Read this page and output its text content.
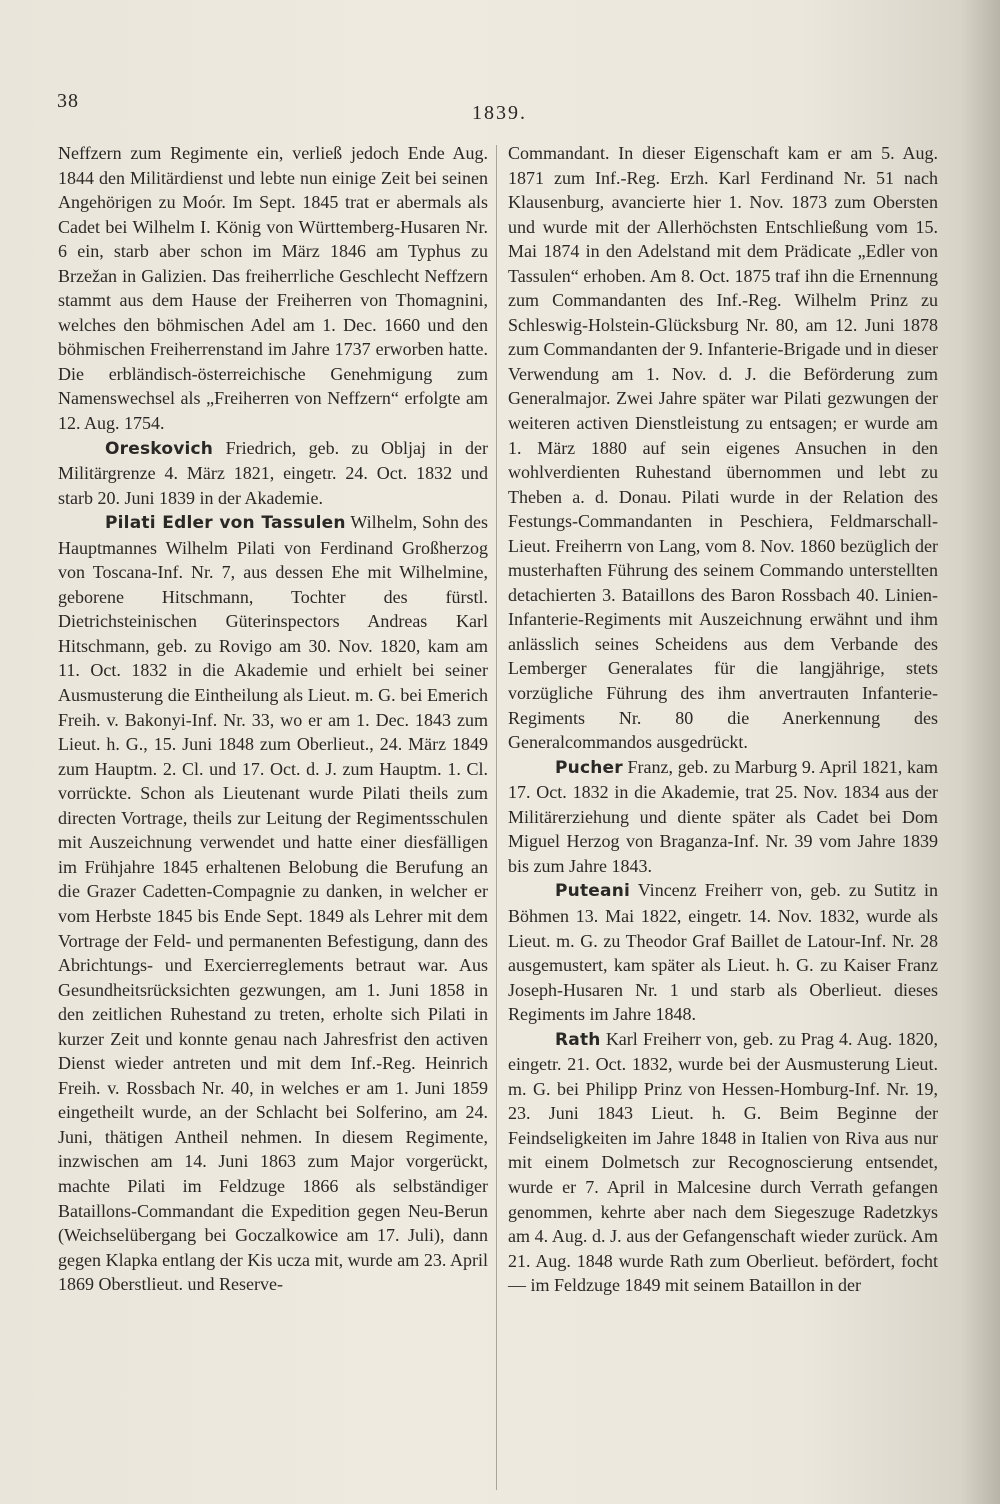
38
1839.

Neffzern zum Regimente ein, verließ jedoch Ende Aug. 1844 den Militärdienst und lebte nun einige Zeit bei seinen Angehörigen zu Moór. Im Sept. 1845 trat er abermals als Cadet bei Wilhelm I. König von Württemberg-Husaren Nr. 6 ein, starb aber schon im März 1846 am Typhus zu Brzežan in Galizien. Das freiherrliche Geschlecht Neffzern stammt aus dem Hause der Freiherren von Thomagnini, welches den böhmischen Adel am 1. Dec. 1660 und den böhmischen Freiherrenstand im Jahre 1737 erworben hatte. Die erbländisch-österreichische Genehmigung zum Namenswechsel als „Freiherren von Neffzern“ erfolgte am 12. Aug. 1754.

Oreskovich Friedrich, geb. zu Obljaj in der Militärgrenze 4. März 1821, eingetr. 24. Oct. 1832 und starb 20. Juni 1839 in der Akademie.

Pilati Edler von Tassulen Wilhelm, Sohn des Hauptmannes Wilhelm Pilati von Ferdinand Großherzog von Toscana-Inf. Nr. 7, aus dessen Ehe mit Wilhelmine, geborene Hitschmann, Tochter des fürstl. Dietrichsteinischen Güterinspectors Andreas Karl Hitschmann, geb. zu Rovigo am 30. Nov. 1820, kam am 11. Oct. 1832 in die Akademie und erhielt bei seiner Ausmusterung die Eintheilung als Lieut. m. G. bei Emerich Freih. v. Bakonyi-Inf. Nr. 33, wo er am 1. Dec. 1843 zum Lieut. h. G., 15. Juni 1848 zum Oberlieut., 24. März 1849 zum Hauptm. 2. Cl. und 17. Oct. d. J. zum Hauptm. 1. Cl. vorrückte. Schon als Lieutenant wurde Pilati theils zum directen Vortrage, theils zur Leitung der Regimentsschulen mit Auszeichnung verwendet und hatte einer diesfälligen im Frühjahre 1845 erhaltenen Belobung die Berufung an die Grazer Cadetten-Compagnie zu danken, in welcher er vom Herbste 1845 bis Ende Sept. 1849 als Lehrer mit dem Vortrage der Feld- und permanenten Befestigung, dann des Abrichtungs- und Exercierreglements betraut war. Aus Gesundheitsrücksichten gezwungen, am 1. Juni 1858 in den zeitlichen Ruhestand zu treten, erholte sich Pilati in kurzer Zeit und konnte genau nach Jahresfrist den activen Dienst wieder antreten und mit dem Inf.-Reg. Heinrich Freih. v. Rossbach Nr. 40, in welches er am 1. Juni 1859 eingetheilt wurde, an der Schlacht bei Solferino, am 24. Juni, thätigen Antheil nehmen. In diesem Regimente, inzwischen am 14. Juni 1863 zum Major vorgerückt, machte Pilati im Feldzuge 1866 als selbständiger Bataillons-Commandant die Expedition gegen Neu-Berun (Weichselübergang bei Goczalkowice am 17. Juli), dann gegen Klapka entlang der Kis ucza mit, wurde am 23. April 1869 Oberstlieut. und Reserve-

Commandant. In dieser Eigenschaft kam er am 5. Aug. 1871 zum Inf.-Reg. Erzh. Karl Ferdinand Nr. 51 nach Klausenburg, avancierte hier 1. Nov. 1873 zum Obersten und wurde mit der Allerhöchsten Entschließung vom 15. Mai 1874 in den Adelstand mit dem Prädicate „Edler von Tassulen“ erhoben. Am 8. Oct. 1875 traf ihn die Ernennung zum Commandanten des Inf.-Reg. Wilhelm Prinz zu Schleswig-Holstein-Glücksburg Nr. 80, am 12. Juni 1878 zum Commandanten der 9. Infanterie-Brigade und in dieser Verwendung am 1. Nov. d. J. die Beförderung zum Generalmajor. Zwei Jahre später war Pilati gezwungen der weiteren activen Dienstleistung zu entsagen; er wurde am 1. März 1880 auf sein eigenes Ansuchen in den wohlverdienten Ruhestand übernommen und lebt zu Theben a. d. Donau. Pilati wurde in der Relation des Festungs-Commandanten in Peschiera, Feldmarschall-Lieut. Freiherrn von Lang, vom 8. Nov. 1860 bezüglich der musterhaften Führung des seinem Commando unterstellten detachierten 3. Bataillons des Baron Rossbach 40. Linien-Infanterie-Regiments mit Auszeichnung erwähnt und ihm anlässlich seines Scheidens aus dem Verbande des Lemberger Generalates für die langjährige, stets vorzügliche Führung des ihm anvertrauten Infanterie-Regiments Nr. 80 die Anerkennung des Generalcommandos ausgedrückt.

Pucher Franz, geb. zu Marburg 9. April 1821, kam 17. Oct. 1832 in die Akademie, trat 25. Nov. 1834 aus der Militärerziehung und diente später als Cadet bei Dom Miguel Herzog von Braganza-Inf. Nr. 39 vom Jahre 1839 bis zum Jahre 1843.

Puteani Vincenz Freiherr von, geb. zu Sutitz in Böhmen 13. Mai 1822, eingetr. 14. Nov. 1832, wurde als Lieut. m. G. zu Theodor Graf Baillet de Latour-Inf. Nr. 28 ausgemustert, kam später als Lieut. h. G. zu Kaiser Franz Joseph-Husaren Nr. 1 und starb als Oberlieut. dieses Regiments im Jahre 1848.

Rath Karl Freiherr von, geb. zu Prag 4. Aug. 1820, eingetr. 21. Oct. 1832, wurde bei der Ausmusterung Lieut. m. G. bei Philipp Prinz von Hessen-Homburg-Inf. Nr. 19, 23. Juni 1843 Lieut. h. G. Beim Beginne der Feindseligkeiten im Jahre 1848 in Italien von Riva aus nur mit einem Dolmetsch zur Recognoscierung entsendet, wurde er 7. April in Malcesine durch Verrath gefangen genommen, kehrte aber nach dem Siegeszuge Radetzkys am 4. Aug. d. J. aus der Gefangenschaft wieder zurück. Am 21. Aug. 1848 wurde Rath zum Oberlieut. befördert, focht — im Feldzuge 1849 mit seinem Bataillon in der
